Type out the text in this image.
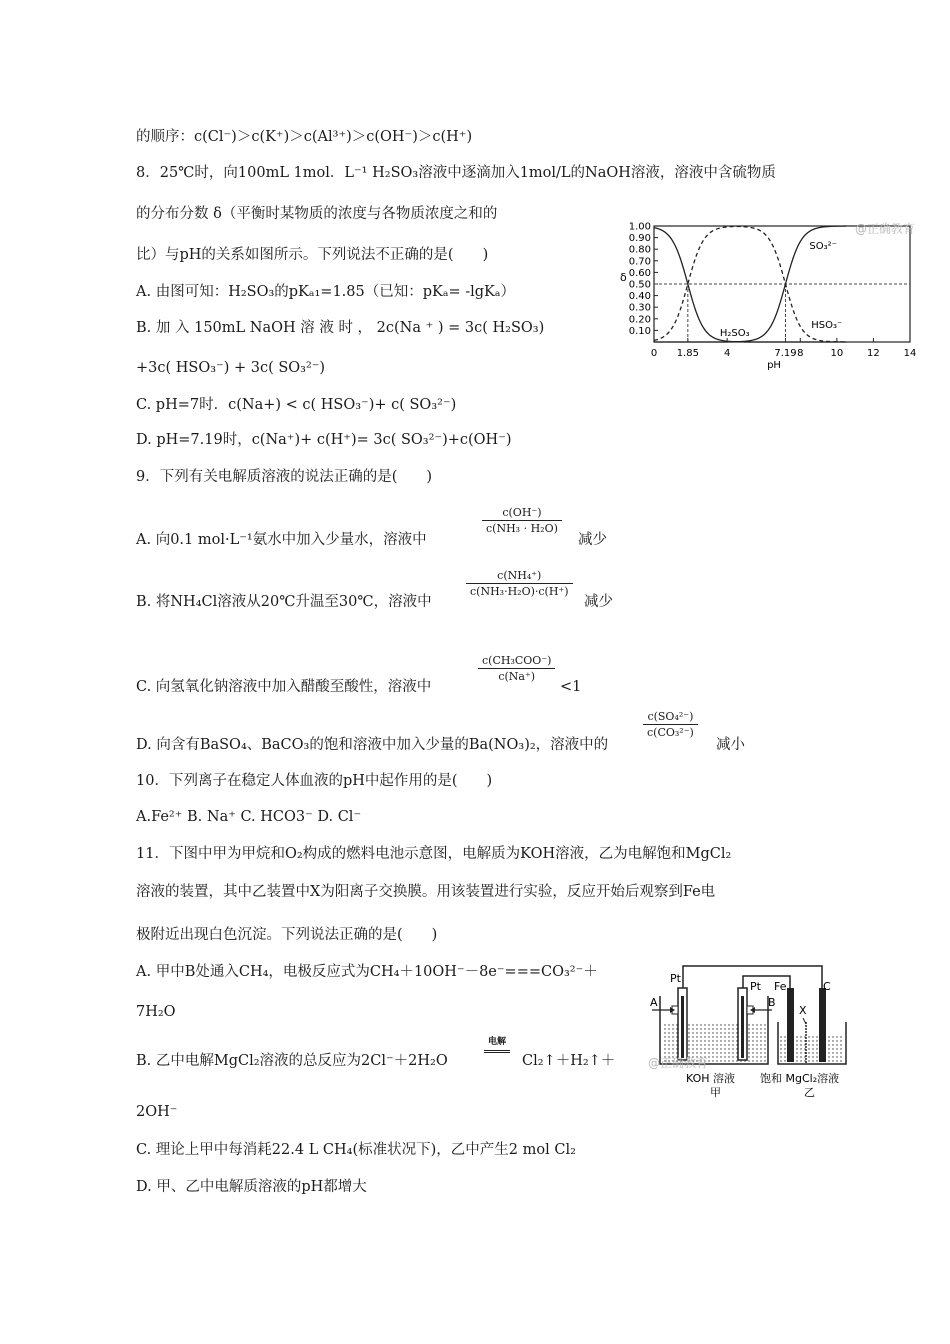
的顺序：c(Cl⁻)＞c(K⁺)＞c(Al³⁺)＞c(OH⁻)＞c(H⁺)
8．25℃时，向100mL 1mol．L⁻¹ H₂SO₃溶液中逐滴加入1mol/L的NaOH溶液，溶液中含硫物质
的分布分数 δ（平衡时某物质的浓度与各物质浓度之和的
比）与pH的关系如图所示。下列说法不正确的是(　　)
A. 由图可知：H₂SO₃的pKₐ₁=1.85（已知：pKₐ= -lgKₐ）
B. 加 入 150mL NaOH 溶 液 时 ， 2c(Na ⁺ ) = 3c( H₂SO₃)
+3c( HSO₃⁻) + 3c( SO₃²⁻)
C. pH=7时．c(Na+) < c( HSO₃⁻)+ c( SO₃²⁻)
D. pH=7.19时，c(Na⁺)+ c(H⁺)= 3c( SO₃²⁻)+c(OH⁻)
9．下列有关电解质溶液的说法正确的是(　　)
A. 向0.1 mol·L⁻¹氨水中加入少量水，溶液中
$\frac{c(OH^-)}{\text{c(NH₃ · H₂O)}}$
减少
B. 将NH₄Cl溶液从20℃升温至30℃，溶液中
$\frac{\text{c(NH₄⁺)}}{\text{c(NH₃·H₂O)·c(H⁺)}}$
减少
C. 向氢氧化钠溶液中加入醋酸至酸性，溶液中
c(CH₃COO⁻)
c(Na⁺)
<1
D. 向含有BaSO₄、BaCO₃的饱和溶液中加入少量的Ba(NO₃)₂，溶液中的
$\frac{\text{c(SO₄²⁻)}}{\text{c(CO₃²⁻)}}$
减小
10．下列离子在稳定人体血液的pH中起作用的是(　　)
A.Fe²⁺ B. Na⁺ C. HCO3⁻ D. Cl⁻
11．下图中甲为甲烷和O₂构成的燃料电池示意图，电解质为KOH溶液，乙为电解饱和MgCl₂
溶液的装置，其中乙装置中X为阳离子交换膜。用该装置进行实验，反应开始后观察到Fe电
极附近出现白色沉淀。下列说法正确的是(　　)
A. 甲中B处通入CH₄，电极反应式为CH₄＋10OH⁻－8e⁻===CO₃²⁻＋
7H₂O
B. 乙中电解MgCl₂溶液的总反应为2Cl⁻＋2H₂O
电解
Cl₂↑＋H₂↑＋
2OH⁻
C. 理论上甲中每消耗22.4 L CH₄(标准状况下)，乙中产生2 mol Cl₂
D. 甲、乙中电解质溶液的pH都增大
0.10
0.20
0.30
0.40
0.50
0.60
0.70
0.80
0.90
1.00
0 1.85 4	7.19 8	10 12 14
pH
δ
H₂SO₃
HSO₃⁻
SO₃²⁻
@正确教育
Pt
Pt Fe	C
A	B
X
KOH 溶液
甲
饱和 MgCl₂溶液
乙
@正确教育
